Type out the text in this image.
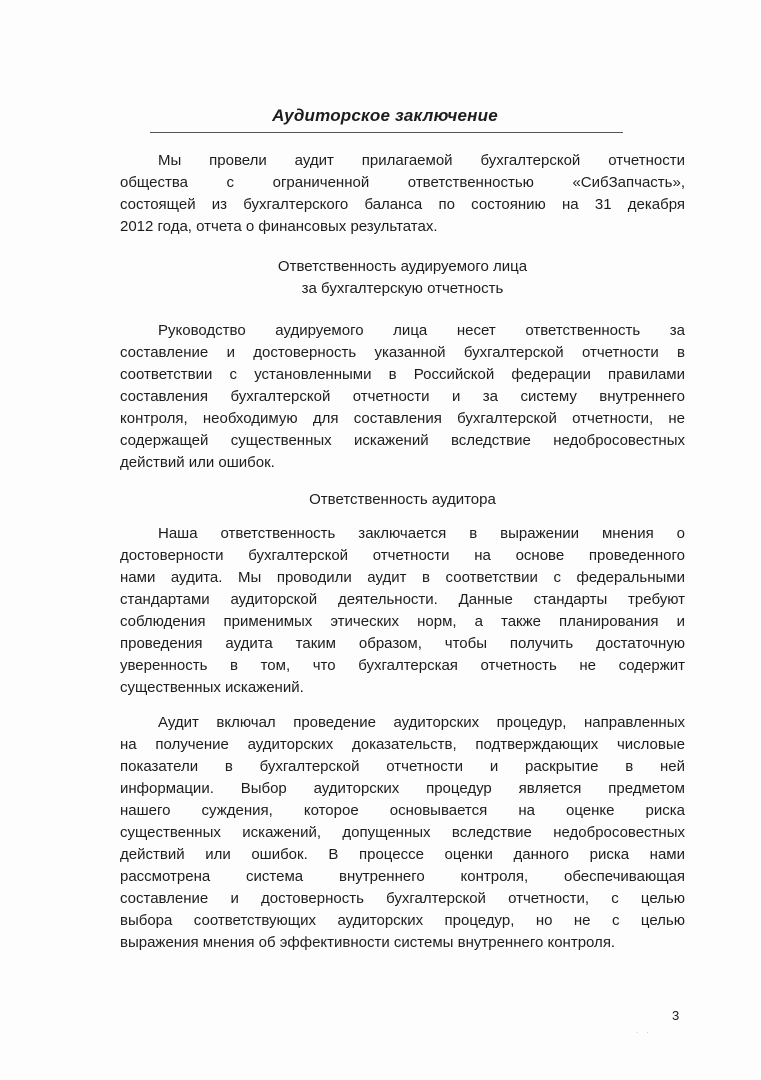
Аудиторское заключение
Мы провели аудит прилагаемой бухгалтерской отчетности
общества с ограниченной ответственностью «СибЗапчасть»,
состоящей из бухгалтерского баланса по состоянию на 31 декабря
2012 года, отчета о финансовых результатах.
Ответственность аудируемого лица
за бухгалтерскую отчетность
Руководство аудируемого лица несет ответственность за
составление и достоверность указанной бухгалтерской отчетности в
соответствии с установленными в Российской федерации правилами
составления бухгалтерской отчетности и за систему внутреннего
контроля, необходимую для составления бухгалтерской отчетности, не
содержащей существенных искажений вследствие недобросовестных
действий или ошибок.
Ответственность аудитора
Наша ответственность заключается в выражении мнения о
достоверности бухгалтерской отчетности на основе проведенного
нами аудита. Мы проводили аудит в соответствии с федеральными
стандартами аудиторской деятельности. Данные стандарты требуют
соблюдения применимых этических норм, а также планирования и
проведения аудита таким образом, чтобы получить достаточную
уверенность в том, что бухгалтерская отчетность не содержит
существенных искажений.
Аудит включал проведение аудиторских процедур, направленных
на получение аудиторских доказательств, подтверждающих числовые
показатели в бухгалтерской отчетности и раскрытие в ней
информации. Выбор аудиторских процедур является предметом
нашего суждения, которое основывается на оценке риска
существенных искажений, допущенных вследствие недобросовестных
действий или ошибок. В процессе оценки данного риска нами
рассмотрена система внутреннего контроля, обеспечивающая
составление и достоверность бухгалтерской отчетности, с целью
выбора соответствующих аудиторских процедур, но не с целью
выражения мнения об эффективности системы внутреннего контроля.
3
. .
